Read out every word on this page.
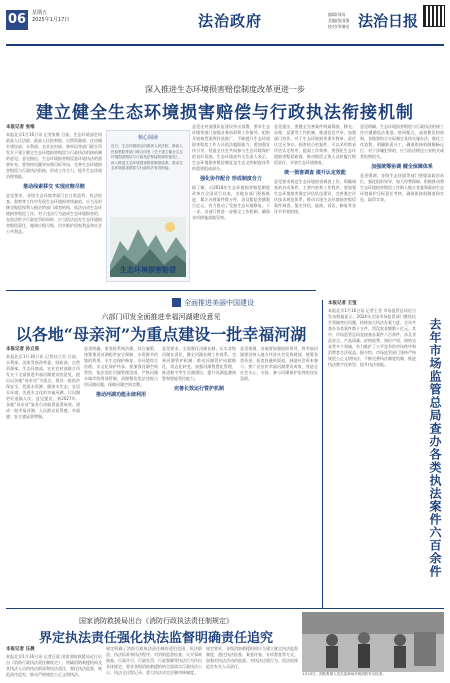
06	星期五
2025年1月17日	法治政府	编辑/刘雨
美编/张国强
校对/李瑞亮 法治日报
深入推进生态环境损害赔偿制度改革更进一步
建立健全生态环境损害赔偿与行政执法衔接机制
本报记者 张维
本报北京1月16日讯 记者张维 日前，生态环境部会同最高人民法院、最高人民检察院、自然资源部、住房城乡建设部、水利部、农业农村部、林草局等部门联合印发关于建立健全生态环境损害赔偿与行政执法衔接机制的意见。意见指出，生态环境损害赔偿是环境执法的重要补充，要坚持问题导向和目标导向，完善生态环境损害赔偿与行政执法衔接，形成工作合力，提升生态环境治理效能。
推动线索移交 实现应赔尽赔
意见要求，各级生态环境等部门在日常监管、执法检查、督察等工作中发现生态环境损害线索的，应当及时移交赔偿权利人指定的部门或者机构，依法启动生态环境损害赔偿工作。对于违法行为造成生态环境损害的，在依法给予行政处罚的同时，应当依法追究生态环境损害赔偿责任，做到应赔尽赔，切实维护国家利益和社会公共利益。
核心阅读
近日，生态环境部会同最高人民法院、最高人民检察院等部门联合印发《关于建立健全生态环境损害赔偿与行政执法衔接机制的意见》，深入推进生态环境损害赔偿制度改革，推动生态环境损害赔偿与行政执法有效衔接。
生态环境损害赔偿
意见还对加强队伍建设作出部署，要求生态环境等部门加强业务培训和工作指导，组织开展典型案例评选推广，不断提升生态环境损害赔偿工作人员依法履职能力。要加强宣传引导，营造全社会共同参与生态环境保护的良好氛围。生态环境部有关负责人表示，生态环境损害赔偿制度是生态文明制度体系的重要组成部分。
强化协作配合 形成制度合力
据了解，自2018年生态环境损害赔偿制度改革在全国试行以来，各地各部门积极推进，累计办理案件数万件，涉及赔偿金额数百亿元，有力推动了受损生态环境修复。下一步，各部门将进一步健全工作机制，确保各项措施落地见效。
意见提出，要健全完善案件线索筛查、移交、办理、反馈等工作机制，推进信息共享，加强部门协作。对于生态环境损害事实简单、责任认定无争议、损害较小的案件，可以采用简易评估认定程序，提高工作效率。要强化生态环境损害赔偿磋商，推动赔偿义务人及时履行赔偿责任，开展生态环境修复。
统一损害调查 提升认定效能
意见要求规范生态环境损害调查工作，明确调查的启动条件、主要内容和工作程序。要加强生态环境损害鉴定评估队伍建设，完善鉴定评估技术规范体系，推动实现生态环境损害赔偿案件调查、鉴定评估、磋商、诉讼、修复等各环节有效衔接。
意见明确，生态环境损害赔偿与行政执法衔接工作应遵循依法推进、协同配合、高效便民的原则。各地要结合实际制定具体实施办法，细化工作流程，明确职责分工，确保衔接机制顺畅运行。对于涉嫌犯罪的，应当依法移送公安机关或者检察机关。
加强统筹协调 健全保障体系
意见强调，各级生态环境等部门要提高政治站位，强化组织领导，加大经费保障，积极推动将生态环境损害赔偿工作纳入地方党委和政府生态环境保护目标责任考核，确保衔接机制落到实处、取得实效。
全面推进美丽中国建设
六部门印发全面推进幸福河湖建设意见
以各地“母亲河”为重点建设一批幸福河湖
本报记者 孙立昊
本报北京1月16日讯 记者孙立昊 日前，水利部、国家发展改革委、财政部、自然资源部、生态环境部、农业农村部联合印发关于全面推进幸福河湖建设的意见，提出以各地“母亲河”为重点，建设一批防洪保安全、优质水资源、健康水生态、宜居水环境、先进水文化的幸福河湖，让河湖更好造福人民。意见提出，到2027年，各地“母亲河”复苏行动取得显著成效，建成一批幸福河湖，人民群众获得感、幸福感、安全感显著增强。
意见明确，要坚持系统治理、综合施策，统筹推进河湖防洪安全保障、水资源节约集约利用、水生态保护修复、水环境综合治理、水文化保护传承。要加强河湖空间管控，依法划定河湖管理范围，严格河湖水域岸线用途管制，清理整治违法违规占用河湖问题，保障河湖空间完整。
推动河湖功能永续利用
意见要求，全面强化河湖长制，压实各级河湖长责任，健全河湖长制工作体系。完善河湖管护机制，推动河湖管护向精细化、常态化转变。加强河湖智慧化管理，推进数字孪生河湖建设，提升河湖监测预警和智能管控能力。
完善长效运行管护机制
意见强调，各地要加强组织领导，将幸福河湖建设纳入地方经济社会发展规划，统筹各类资金，拓宽投融资渠道，鼓励社会资本参与。要广泛宣传幸福河湖建设成效，营造全社会关心、支持、参与河湖保护治理的良好氛围。
本报记者 王莹
本报北京1月16日讯 记者王莹 市场监管总局近日发布数据显示，2024年全国市场监管部门聚焦民生领域突出问题，持续加大执法办案力度，全年共查办各类案件数十万件，罚没款金额数十亿元。其中，市场监管总局直接查办案件六百余件，涉及食品安全、产品质量、价格收费、知识产权、网络交易等多个领域，有力维护了公平竞争的市场秩序和消费者合法权益。据介绍，市场监管部门坚持严格规范公正文明执法，不断完善执法制度机制，推进执法数字化转型，提升执法效能。	去年市场监管总局查办各类执法案件六百余件
国家消防救援局出台《消防行政执法责任制规定》
界定执法责任强化执法监督明确责任追究
本报记者 汪晨
本报北京1月16日讯 记者汪晨 国家消防救援局近日出台《消防行政执法责任制规定》，明确消防救援机构及其执法人员的执法职责和执法责任，强化执法监督，规范责任追究，推动严格规范公正文明执法。
规定明确了消防行政执法责任制的适用范围、执法职责、执法标准和执法程序，对消防监督检查、火灾事故调查、行政许可、行政处罚、行政强制等执法行为作出具体规定，要求各级消防救援机构全面落实行政执法公示、执法全过程记录、重大执法决定法制审核制度。
规定要求，各级消防救援机构应当建立健全执法监督制度，通过执法检查、案卷评查、专项督查等方式，加强对执法活动的监督。对执法过错行为，依法依规追究有关人员责任。
1月10日，消防救援人员在某商场开展消防安全检查。
